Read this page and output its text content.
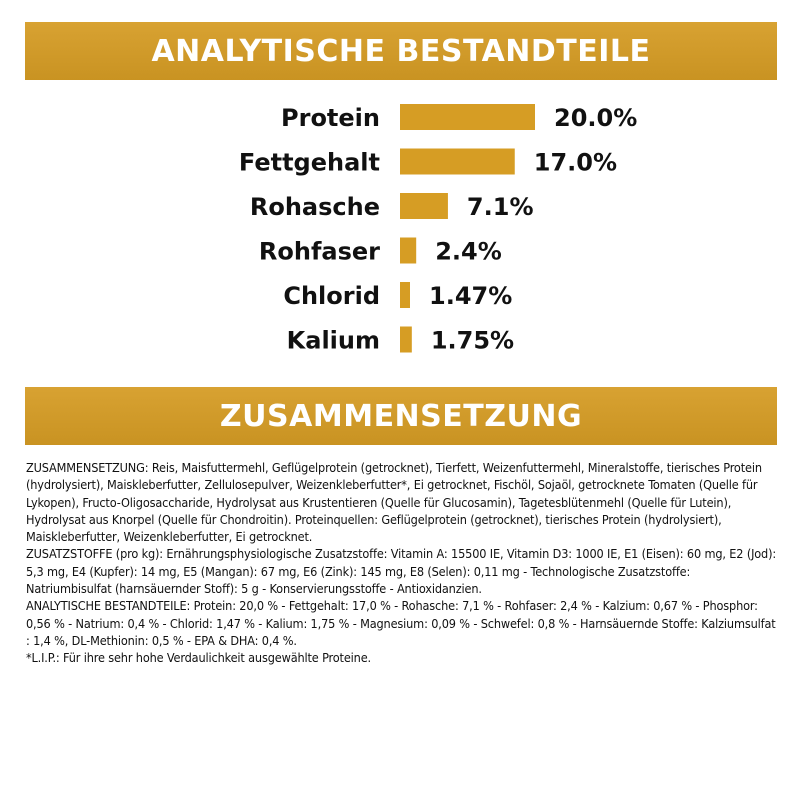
ANALYTISCHE BESTANDTEILE
Protein	20.0%
Fettgehalt	17.0%
Rohasche	7.1%
Rohfaser 2.4%
Chlorid 1.47%
Kalium 1.75%
ZUSAMMENSETZUNG

ZUSAMMENSETZUNG: Reis, Maisfuttermehl, Geflügelprotein (getrocknet), Tierfett, Weizenfuttermehl, Mineralstoffe, tierisches Protein (hydrolysiert), Maiskleberfutter, Zellulosepulver, Weizenkleberfutter*, Ei getrocknet, Fischöl, Sojaöl, getrocknete Tomaten (Quelle für Lykopen), Fructo-Oligosaccharide, Hydrolysat aus Krustentieren (Quelle für Glucosamin), Tagetesblütenmehl (Quelle für Lutein), Hydrolysat aus Knorpel (Quelle für Chondroitin). Proteinquellen: Geflügelprotein (getrocknet), tierisches Protein (hydrolysiert), Maiskleberfutter, Weizenkleberfutter, Ei getrocknet.

ZUSATZSTOFFE (pro kg): Ernährungsphysiologische Zusatzstoffe: Vitamin A: 15500 IE, Vitamin D3: 1000 IE, E1 (Eisen): 60 mg, E2 (Jod): 5,3 mg, E4 (Kupfer): 14 mg, E5 (Mangan): 67 mg, E6 (Zink): 145 mg, E8 (Selen): 0,11 mg - Technologische Zusatzstoffe: Natriumbisulfat (harnsäuernder Stoff): 5 g - Konservierungsstoffe - Antioxidanzien.

ANALYTISCHE BESTANDTEILE: Protein: 20,0 % - Fettgehalt: 17,0 % - Rohasche: 7,1 % - Rohfaser: 2,4 % - Kalzium: 0,67 % - Phosphor: 0,56 % - Natrium: 0,4 % - Chlorid: 1,47 % - Kalium: 1,75 % - Magnesium: 0,09 % - Schwefel: 0,8 % - Harnsäuernde Stoffe: Kalziumsulfat : 1,4 %, DL-Methionin: 0,5 % - EPA & DHA: 0,4 %.

*L.I.P.: Für ihre sehr hohe Verdaulichkeit ausgewählte Proteine.
